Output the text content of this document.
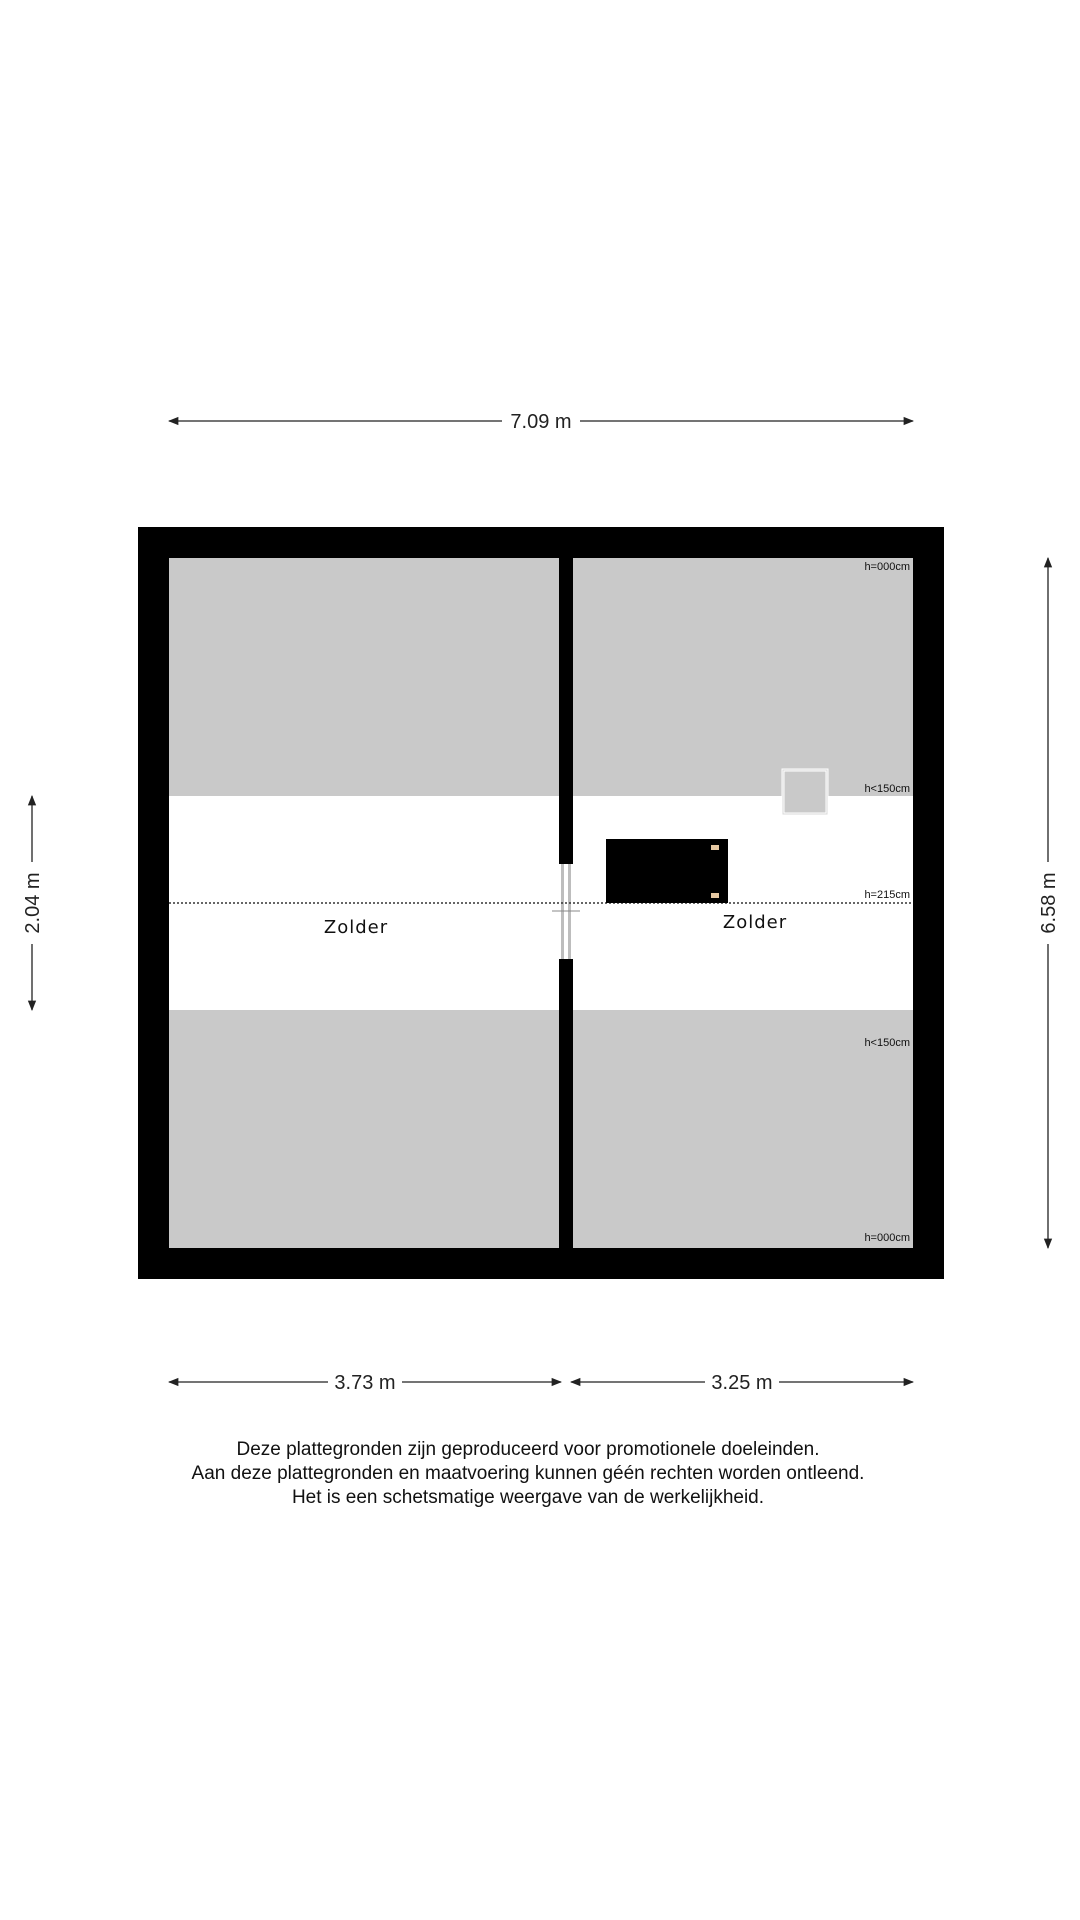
Zolder	Zolder
h=000cm
h<150cm
h=215cm
h<150cm
h=000cm
7.09 m
6.58 m
2.04 m
3.73 m	3.25 m
Deze plattegronden zijn geproduceerd voor promotionele doeleinden.
Aan deze plattegronden en maatvoering kunnen géén rechten worden ontleend.
Het is een schetsmatige weergave van de werkelijkheid.
